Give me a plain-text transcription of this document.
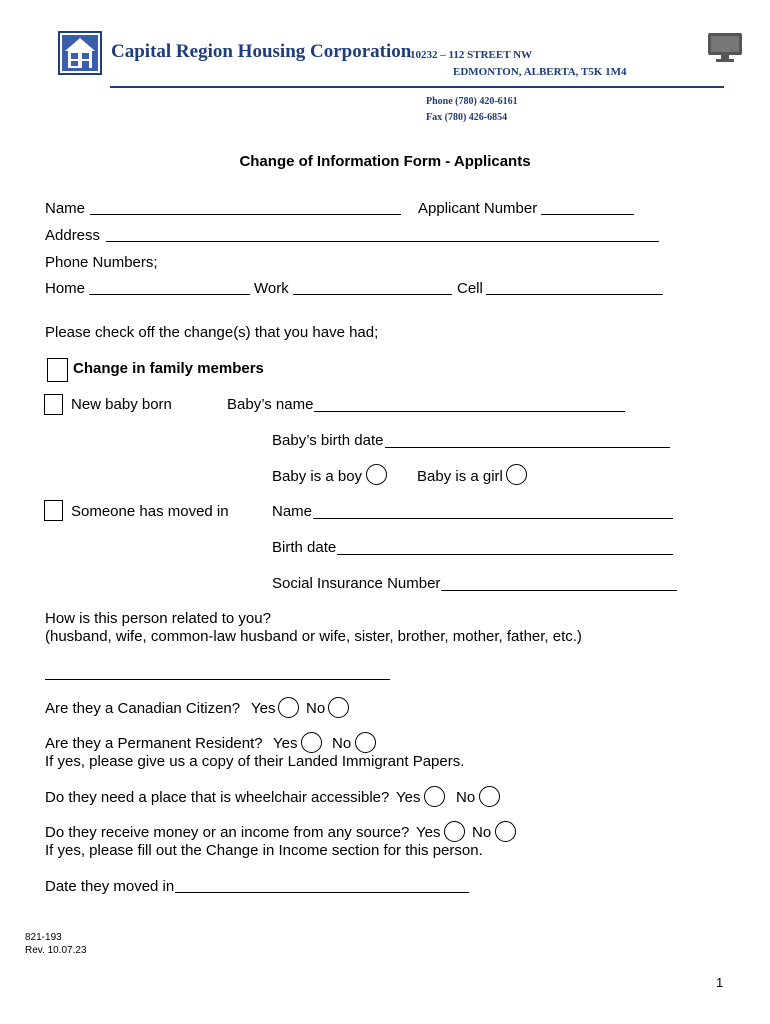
Capital Region Housing Corporation
10232 – 112 STREET NW
EDMONTON, ALBERTA, T5K 1M4
Phone (780) 420-6161
Fax (780) 426-6854
Change of Information Form - Applicants
Name	Applicant Number
Address
Phone Numbers;
Home	Work	Cell
Please check off the change(s) that you have had;
Change in family members
New baby born	Baby’s name
Baby’s birth date
Baby is a boy	Baby is a girl
Someone has moved in	Name
Birth date
Social Insurance Number
How is this person related to you?
(husband, wife, common-law husband or wife, sister, brother, mother, father, etc.)
Are they a Canadian Citizen? Yes No
Are they a Permanent Resident? Yes No
If yes, please give us a copy of their Landed Immigrant Papers.
Do they need a place that is wheelchair accessible? Yes No
Do they receive money or an income from any source? Yes No
If yes, please fill out the Change in Income section for this person.
Date they moved in
821-193
Rev. 10.07.23
1
